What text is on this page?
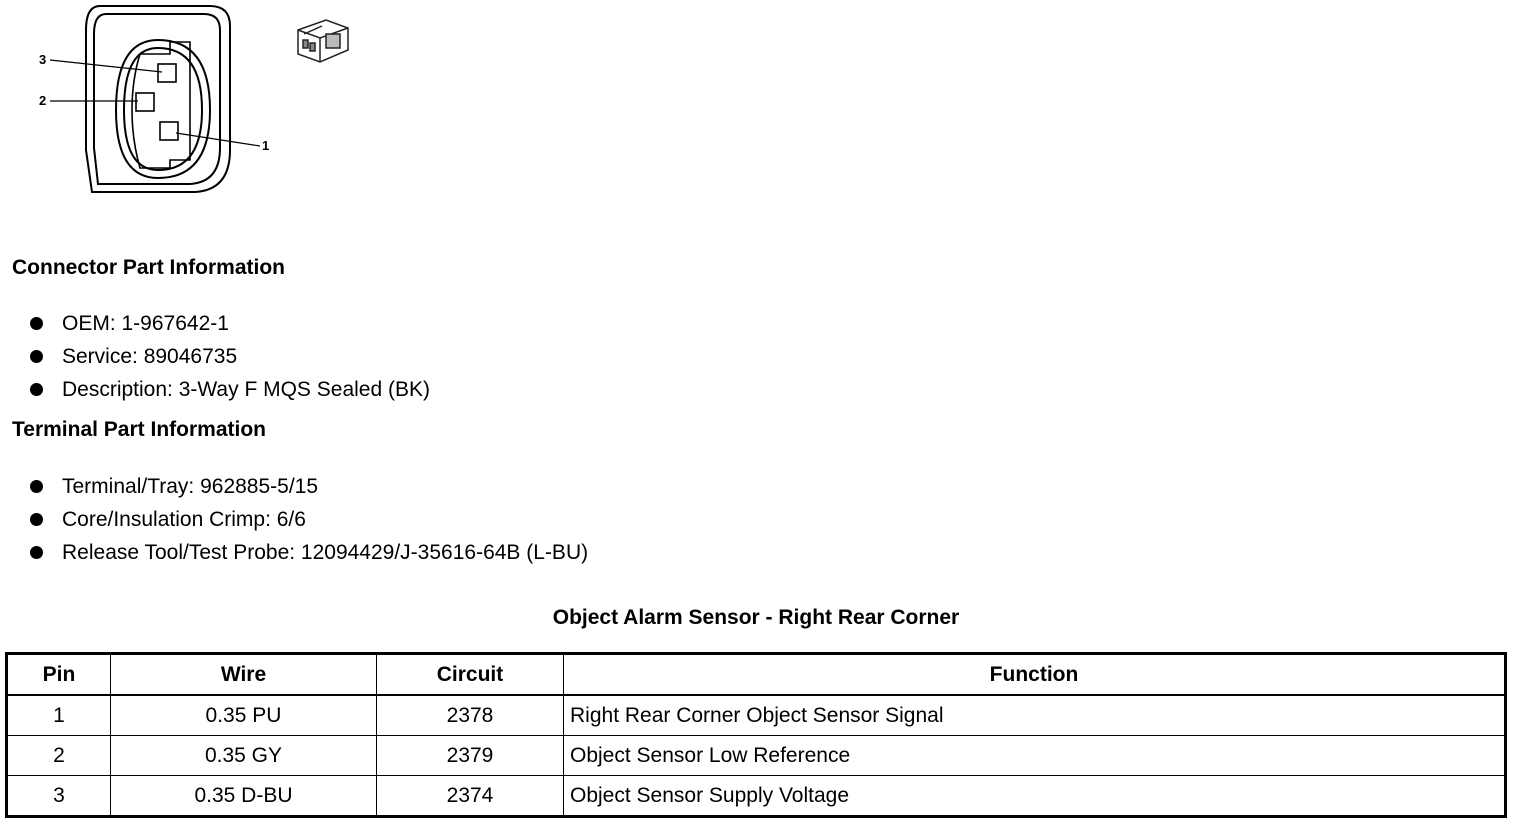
3
2
1
Connector Part Information
OEM: 1-967642-1
Service: 89046735
Description: 3-Way F MQS Sealed (BK)
Terminal Part Information
Terminal/Tray: 962885-5/15
Core/Insulation Crimp: 6/6
Release Tool/Test Probe: 12094429/J-35616-64B (L-BU)
Object Alarm Sensor - Right Rear Corner
Pin	Wire	Circuit	Function
1	0.35 PU	2378	Right Rear Corner Object Sensor Signal
2	0.35 GY	2379	Object Sensor Low Reference
3	0.35 D-BU	2374	Object Sensor Supply Voltage
